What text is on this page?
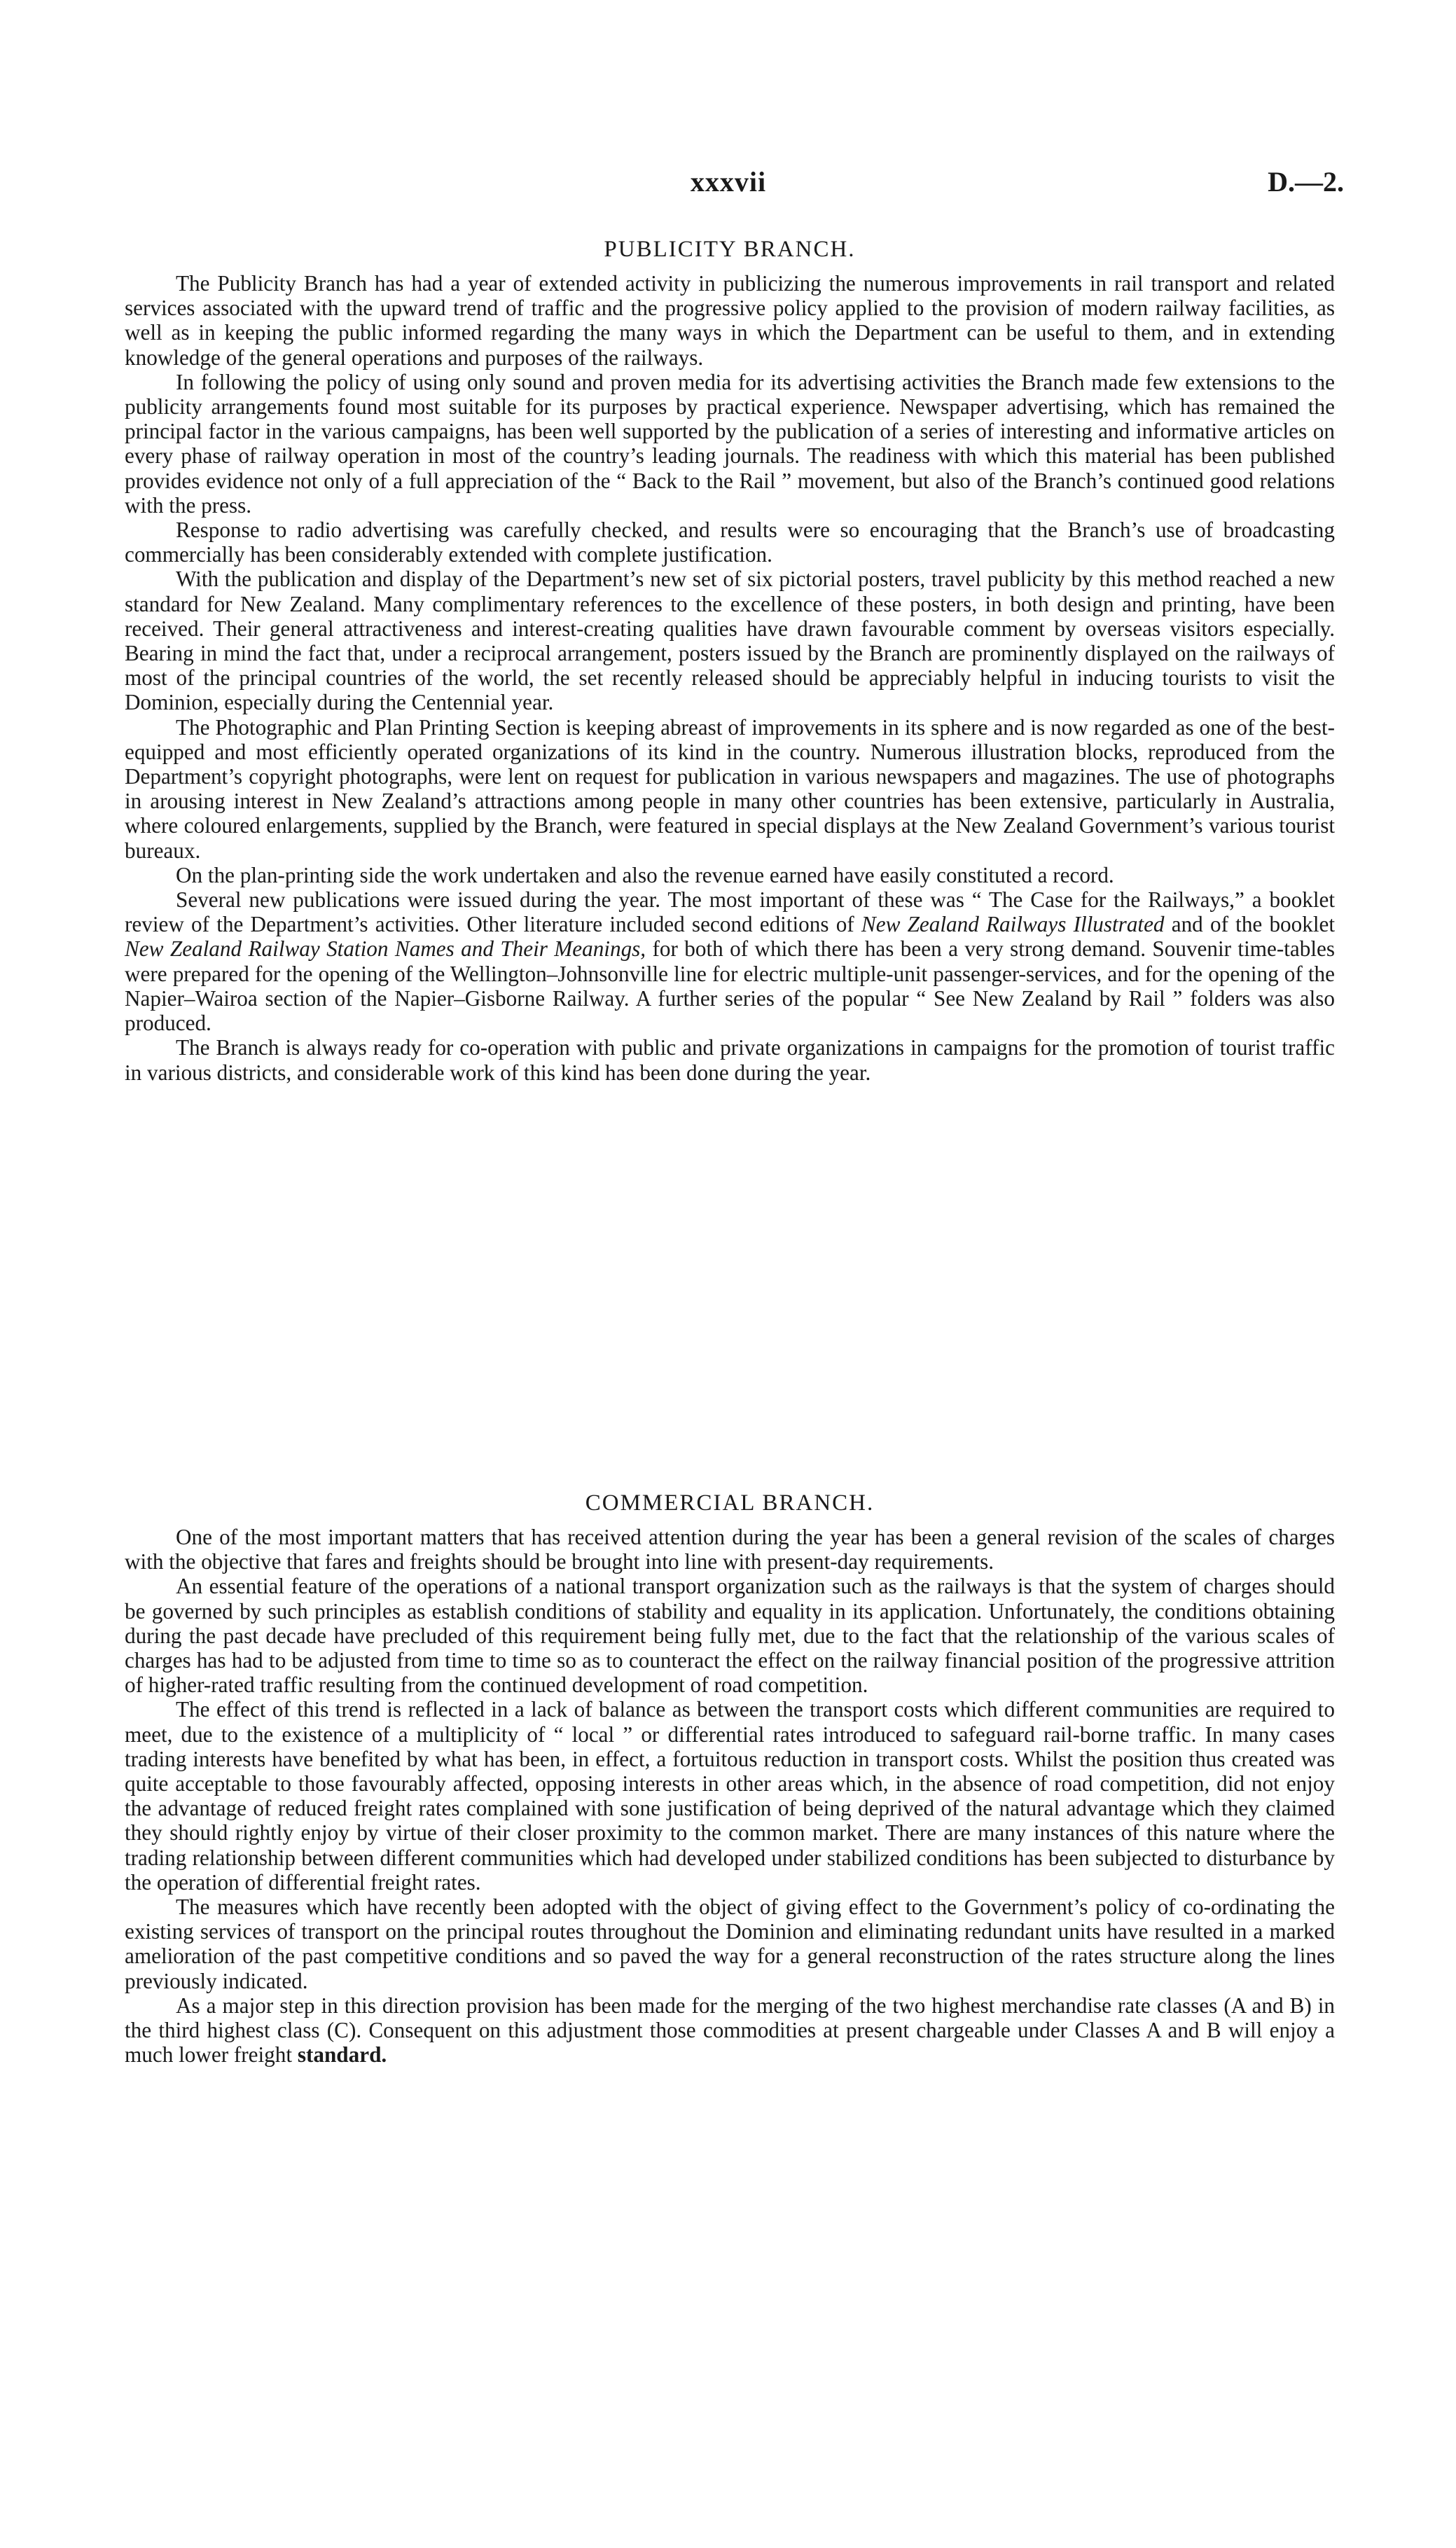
xxxvii	D.—2.
PUBLICITY BRANCH.

The Publicity Branch has had a year of extended activity in publicizing the numerous improvements in rail transport and related services associated with the upward trend of traffic and the progressive policy applied to the provision of modern railway facilities, as well as in keeping the public informed regarding the many ways in which the Department can be useful to them, and in extending knowledge of the general operations and purposes of the railways.

In following the policy of using only sound and proven media for its advertising activities the Branch made few extensions to the publicity arrangements found most suitable for its purposes by practical experience. Newspaper advertising, which has remained the principal factor in the various campaigns, has been well supported by the publication of a series of interesting and informative articles on every phase of railway operation in most of the country’s leading journals. The readiness with which this material has been published provides evidence not only of a full appreciation of the “ Back to the Rail ” movement, but also of the Branch’s continued good relations with the press.

Response to radio advertising was carefully checked, and results were so encouraging that the Branch’s use of broadcasting commercially has been considerably extended with complete justification.

With the publication and display of the Department’s new set of six pictorial posters, travel publicity by this method reached a new standard for New Zealand. Many complimentary references to the excellence of these posters, in both design and printing, have been received. Their general attractiveness and interest-creating qualities have drawn favourable comment by overseas visitors especially. Bearing in mind the fact that, under a reciprocal arrangement, posters issued by the Branch are prominently displayed on the railways of most of the principal countries of the world, the set recently released should be appreciably helpful in inducing tourists to visit the Dominion, especially during the Centennial year.

The Photographic and Plan Printing Section is keeping abreast of improvements in its sphere and is now regarded as one of the best-equipped and most efficiently operated organizations of its kind in the country. Numerous illustration blocks, reproduced from the Department’s copyright photographs, were lent on request for publication in various newspapers and magazines. The use of photographs in arousing interest in New Zealand’s attractions among people in many other countries has been extensive, particularly in Australia, where coloured enlargements, supplied by the Branch, were featured in special displays at the New Zealand Government’s various tourist bureaux.

On the plan-printing side the work undertaken and also the revenue earned have easily constituted a record.

Several new publications were issued during the year. The most important of these was “ The Case for the Railways,” a booklet review of the Department’s activities. Other literature included second editions of New Zealand Railways Illustrated and of the booklet New Zealand Railway Station Names and Their Meanings, for both of which there has been a very strong demand. Souvenir time-tables were prepared for the opening of the Wellington–Johnsonville line for electric multiple-unit passenger-services, and for the opening of the Napier–Wairoa section of the Napier–Gisborne Railway. A further series of the popular “ See New Zealand by Rail ” folders was also produced.

The Branch is always ready for co-operation with public and private organizations in campaigns for the promotion of tourist traffic in various districts, and considerable work of this kind has been done during the year.

COMMERCIAL BRANCH.

One of the most important matters that has received attention during the year has been a general revision of the scales of charges with the objective that fares and freights should be brought into line with present-day requirements.

An essential feature of the operations of a national transport organization such as the railways is that the system of charges should be governed by such principles as establish conditions of stability and equality in its application. Unfortunately, the conditions obtaining during the past decade have precluded of this requirement being fully met, due to the fact that the relationship of the various scales of charges has had to be adjusted from time to time so as to counteract the effect on the railway financial position of the progressive attrition of higher-rated traffic resulting from the continued development of road competition.

The effect of this trend is reflected in a lack of balance as between the transport costs which different communities are required to meet, due to the existence of a multiplicity of “ local ” or differential rates introduced to safeguard rail-borne traffic. In many cases trading interests have benefited by what has been, in effect, a fortuitous reduction in transport costs. Whilst the position thus created was quite acceptable to those favourably affected, opposing interests in other areas which, in the absence of road competition, did not enjoy the advantage of reduced freight rates complained with sone justification of being deprived of the natural advantage which they claimed they should rightly enjoy by virtue of their closer proximity to the common market. There are many instances of this nature where the trading relationship between different communities which had developed under stabilized conditions has been subjected to disturbance by the operation of differential freight rates.

The measures which have recently been adopted with the object of giving effect to the Government’s policy of co-ordinating the existing services of transport on the principal routes throughout the Dominion and eliminating redundant units have resulted in a marked amelioration of the past competitive conditions and so paved the way for a general reconstruction of the rates structure along the lines previously indicated.

As a major step in this direction provision has been made for the merging of the two highest merchandise rate classes (A and B) in the third highest class (C). Consequent on this adjustment those commodities at present chargeable under Classes A and B will enjoy a much lower freight standard.
